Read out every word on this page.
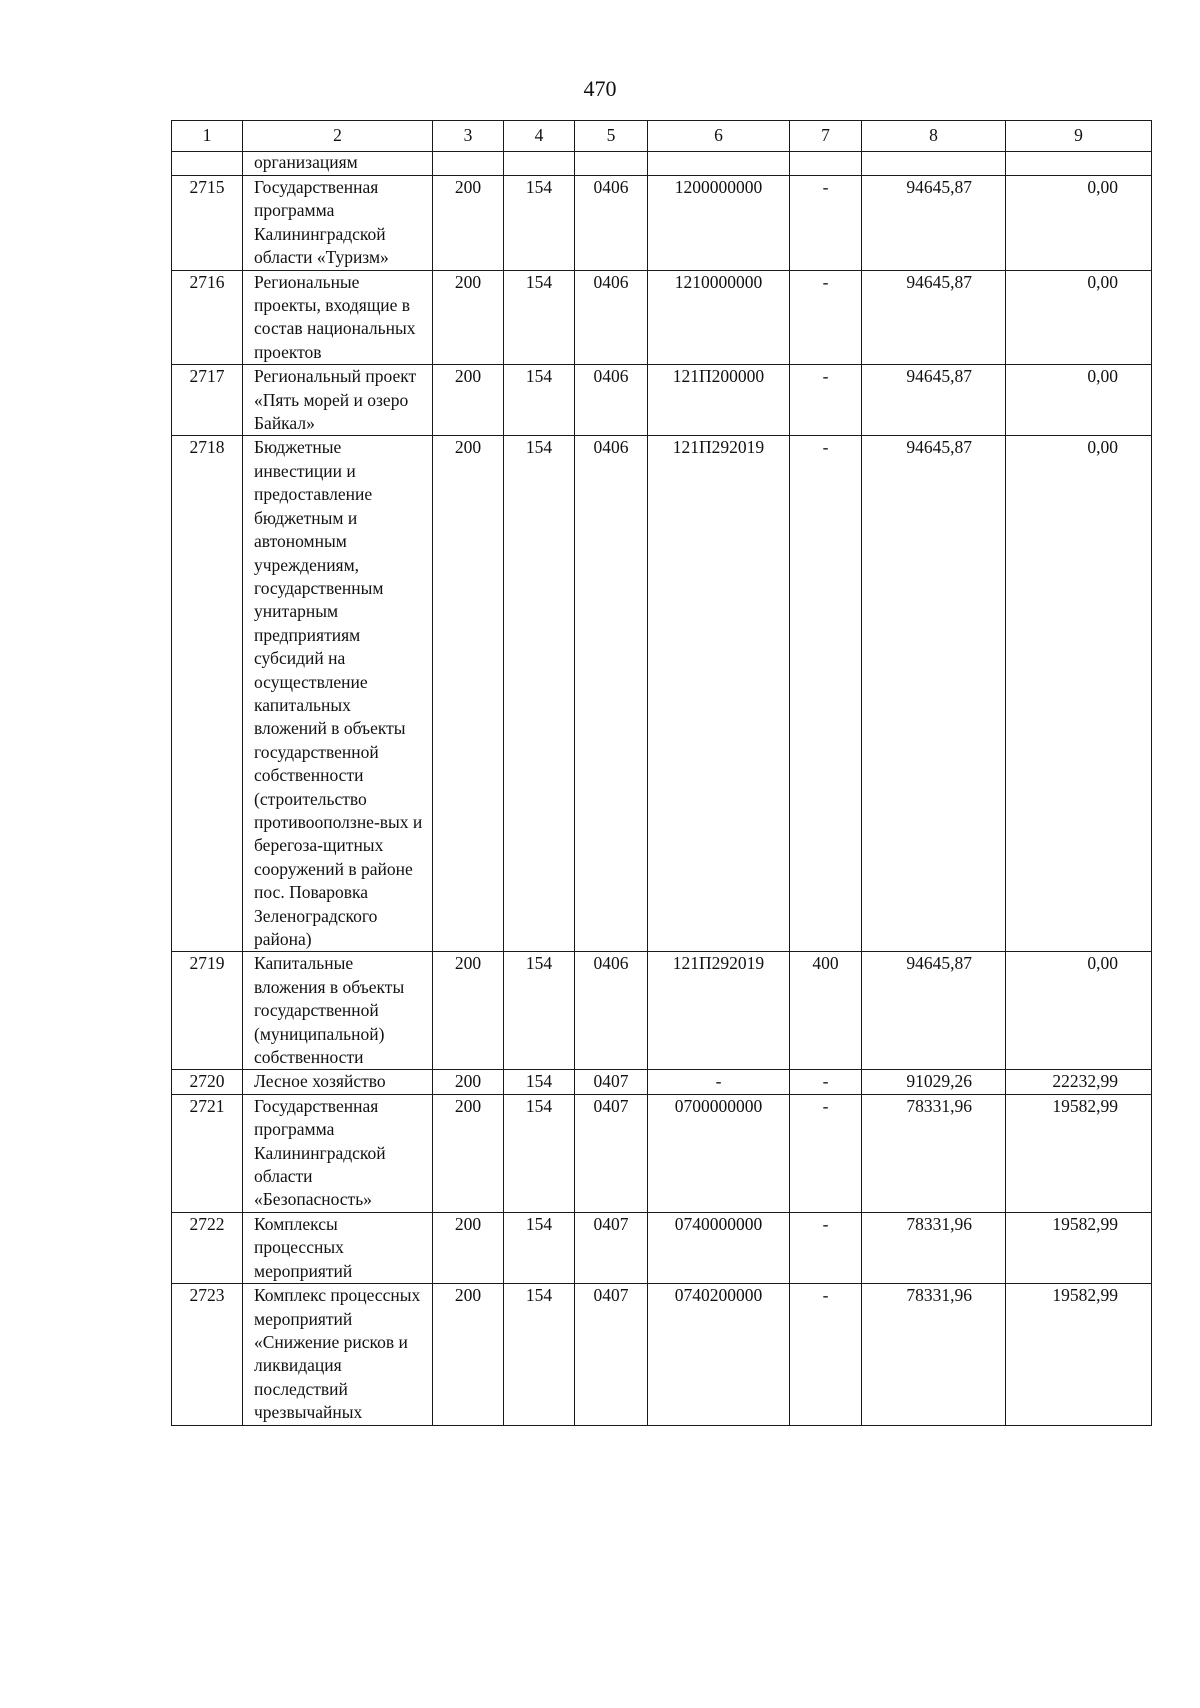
470
1	2	3	4	5	6	7	8	9
	организациям							
2715	Государственная программа Калининградской области «Туризм»	200	154	0406	1200000000	-	94645,87	0,00
2716	Региональные проекты, входящие в состав национальных проектов	200	154	0406	1210000000	-	94645,87	0,00
2717	Региональный проект «Пять морей и озеро Байкал»	200	154	0406	121П200000	-	94645,87	0,00
2718	Бюджетные инвестиции и предоставление бюджетным и автономным учреждениям, государственным унитарным предприятиям субсидий на осуществление капитальных вложений в объекты государственной собственности (строительство противооползне-вых и берегоза-щитных сооружений в районе пос. Поваровка Зеленоградского района)	200	154	0406	121П292019	-	94645,87	0,00
2719	Капитальные вложения в объекты государственной (муниципальной) собственности	200	154	0406	121П292019	400	94645,87	0,00
2720	Лесное хозяйство	200	154	0407	-	-	91029,26	22232,99
2721	Государственная программа Калининградской области «Безопасность»	200	154	0407	0700000000	-	78331,96	19582,99
2722	Комплексы процессных мероприятий	200	154	0407	0740000000	-	78331,96	19582,99
2723	Комплекс процессных мероприятий «Снижение рисков и ликвидация последствий чрезвычайных	200	154	0407	0740200000	-	78331,96	19582,99
